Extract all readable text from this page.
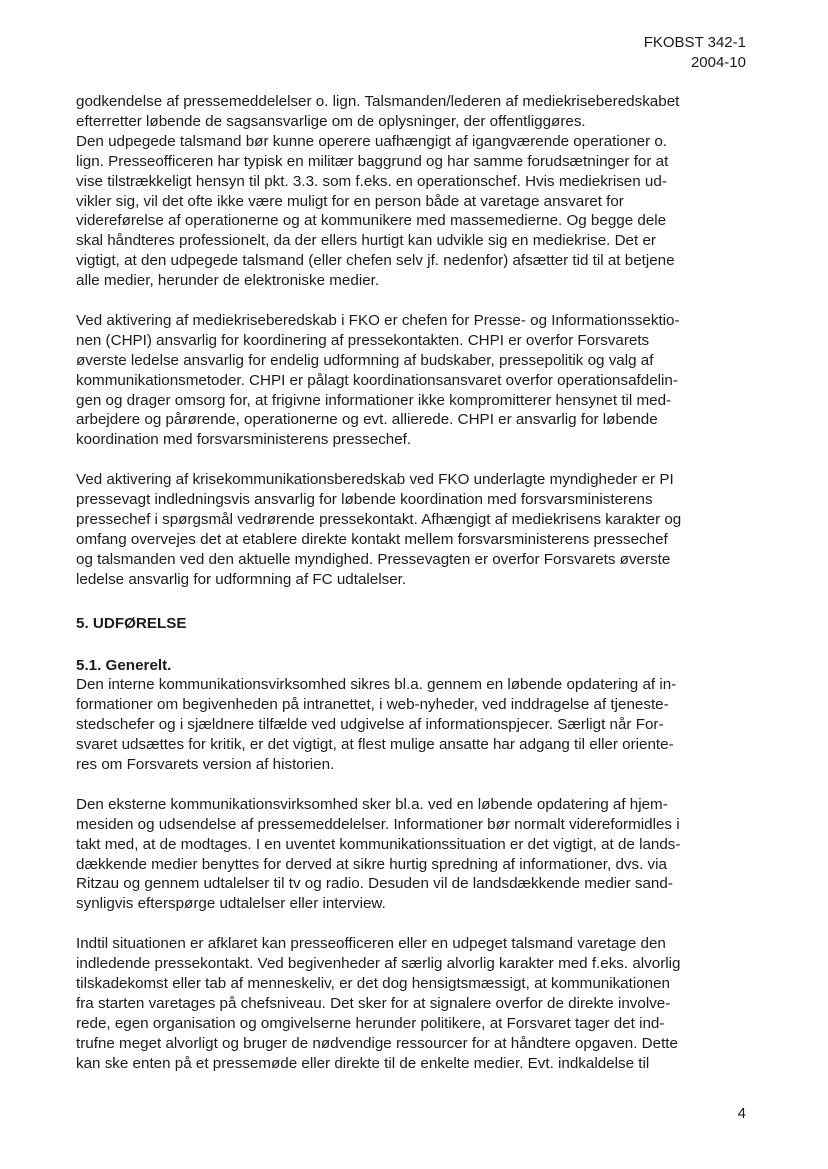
FKOBST 342-1
2004-10

godkendelse af pressemeddelelser o. lign. Talsmanden/lederen af mediekriseberedskabet
efterretter løbende de sagsansvarlige om de oplysninger, der offentliggøres.
Den udpegede talsmand bør kunne operere uafhængigt af igangværende operationer o.
lign. Presseofficeren har typisk en militær baggrund og har samme forudsætninger for at
vise tilstrækkeligt hensyn til pkt. 3.3. som f.eks. en operationschef. Hvis mediekrisen ud-
vikler sig, vil det ofte ikke være muligt for en person både at varetage ansvaret for
videreførelse af operationerne og at kommunikere med massemedierne. Og begge dele
skal håndteres professionelt, da der ellers hurtigt kan udvikle sig en mediekrise. Det er
vigtigt, at den udpegede talsmand (eller chefen selv jf. nedenfor) afsætter tid til at betjene
alle medier, herunder de elektroniske medier.

Ved aktivering af mediekriseberedskab i FKO er chefen for Presse- og Informationssektio-
nen (CHPI) ansvarlig for koordinering af pressekontakten. CHPI er overfor Forsvarets
øverste ledelse ansvarlig for endelig udformning af budskaber, pressepolitik og valg af
kommunikationsmetoder. CHPI er pålagt koordinationsansvaret overfor operationsafdelin-
gen og drager omsorg for, at frigivne informationer ikke kompromitterer hensynet til med-
arbejdere og pårørende, operationerne og evt. allierede. CHPI er ansvarlig for løbende
koordination med forsvarsministerens pressechef.

Ved aktivering af krisekommunikationsberedskab ved FKO underlagte myndigheder er PI
pressevagt indledningsvis ansvarlig for løbende koordination med forsvarsministerens
pressechef i spørgsmål vedrørende pressekontakt. Afhængigt af mediekrisens karakter og
omfang overvejes det at etablere direkte kontakt mellem forsvarsministerens pressechef
og talsmanden ved den aktuelle myndighed. Pressevagten er overfor Forsvarets øverste
ledelse ansvarlig for udformning af FC udtalelser.

5. UDFØRELSE

5.1. Generelt.

Den interne kommunikationsvirksomhed sikres bl.a. gennem en løbende opdatering af in-
formationer om begivenheden på intranettet, i web-nyheder, ved inddragelse af tjeneste-
stedschefer og i sjældnere tilfælde ved udgivelse af informationspjecer. Særligt når For-
svaret udsættes for kritik, er det vigtigt, at flest mulige ansatte har adgang til eller oriente-
res om Forsvarets version af historien.

Den eksterne kommunikationsvirksomhed sker bl.a. ved en løbende opdatering af hjem-
mesiden og udsendelse af pressemeddelelser. Informationer bør normalt videreformidles i
takt med, at de modtages. I en uventet kommunikationssituation er det vigtigt, at de lands-
dækkende medier benyttes for derved at sikre hurtig spredning af informationer, dvs. via
Ritzau og gennem udtalelser til tv og radio. Desuden vil de landsdækkende medier sand-
synligvis efterspørge udtalelser eller interview.

Indtil situationen er afklaret kan presseofficeren eller en udpeget talsmand varetage den
indledende pressekontakt. Ved begivenheder af særlig alvorlig karakter med f.eks. alvorlig
tilskadekomst eller tab af menneskeliv, er det dog hensigtsmæssigt, at kommunikationen
fra starten varetages på chefsniveau. Det sker for at signalere overfor de direkte involve-
rede, egen organisation og omgivelserne herunder politikere, at Forsvaret tager det ind-
trufne meget alvorligt og bruger de nødvendige ressourcer for at håndtere opgaven. Dette
kan ske enten på et pressemøde eller direkte til de enkelte medier. Evt. indkaldelse til

4
